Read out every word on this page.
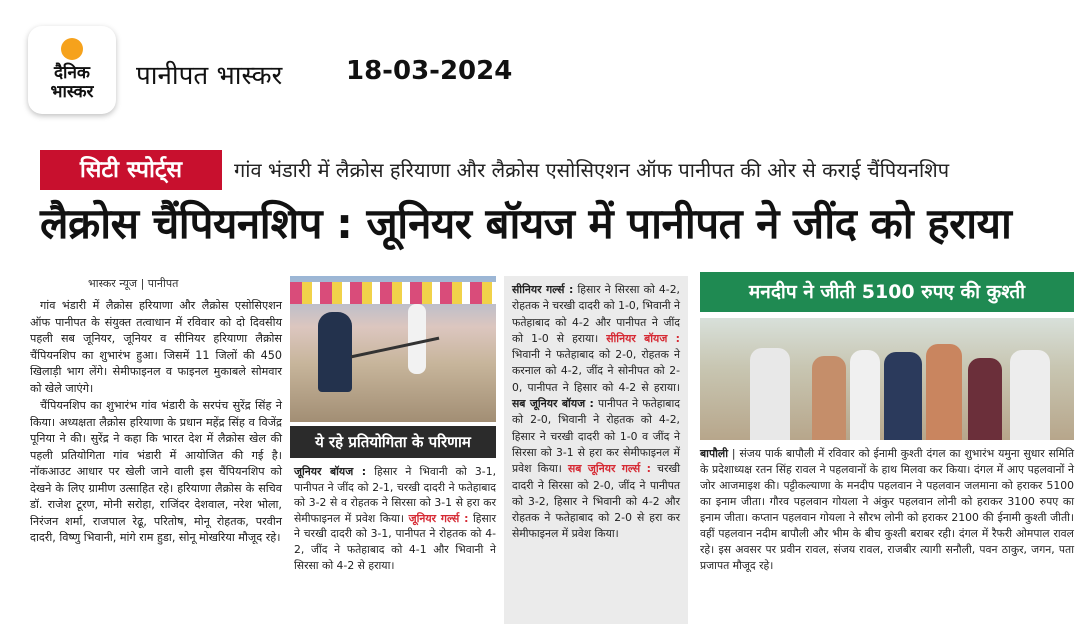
दैनिक
भास्कर
पानीपत भास्कर 18-03-2024
सिटी स्पोर्ट्स	गांव भंडारी में लैक्रोस हरियाणा और लैक्रोस एसोसिएशन ऑफ पानीपत की ओर से कराई चैंपियनशिप
लैक्रोस चैंपियनशिप : जूनियर बॉयज में पानीपत ने जींद को हराया
भास्कर न्यूज | पानीपत

गांव भंडारी में लैक्रोस हरियाणा और लैक्रोस एसोसिएशन ऑफ पानीपत के संयुक्त तत्वाधान में रविवार को दो दिवसीय पहली सब जूनियर, जूनियर व सीनियर हरियाणा लैक्रोस चैंपियनशिप का शुभारंभ हुआ। जिसमें 11 जिलों की 450 खिलाड़ी भाग लेंगे। सेमीफाइनल व फाइनल मुकाबले सोमवार को खेले जाएंगे।

चैंपियनशिप का शुभारंभ गांव भंडारी के सरपंच सुरेंद्र सिंह ने किया। अध्यक्षता लैक्रोस हरियाणा के प्रधान महेंद्र सिंह व विजेंद्र पूनिया ने की। सुरेंद्र ने कहा कि भारत देश में लैक्रोस खेल की पहली प्रतियोगिता गांव भंडारी में आयोजित की गई है। नॉकआउट आधार पर खेली जाने वाली इस चैंपियनशिप को देखने के लिए ग्रामीण उत्साहित रहे। हरियाणा लैक्रोस के सचिव डॉ. राजेश टूरण, मोनी सरोहा, राजिंदर देशवाल, नरेश भोला, निरंजन शर्मा, राजपाल रेढू, परितोष, मोनू रोहतक, परवीन दादरी, विष्णु भिवानी, मांगे राम हुडा, सोनू मोखरिया मौजूद रहे।

ये रहे प्रतियोगिता के परिणाम
जूनियर बॉयज : हिसार ने भिवानी को 3-1, पानीपत ने जींद को 2-1, चरखी दादरी ने फतेहाबाद को 3-2 से व रोहतक ने सिरसा को 3-1 से हरा कर सेमीफाइनल में प्रवेश किया। जूनियर गर्ल्स : हिसार ने चरखी दादरी को 3-1, पानीपत ने रोहतक को 4-2, जींद ने फतेहाबाद को 4-1 और भिवानी ने सिरसा को 4-2 से हराया।
सीनियर गर्ल्स : हिसार ने सिरसा को 4-2, रोहतक ने चरखी दादरी को 1-0, भिवानी ने फतेहाबाद को 4-2 और पानीपत ने जींद को 1-0 से हराया। सीनियर बॉयज : भिवानी ने फतेहाबाद को 2-0, रोहतक ने करनाल को 4-2, जींद ने सोनीपत को 2-0, पानीपत ने हिसार को 4-2 से हराया। सब जूनियर बॉयज : पानीपत ने फतेहाबाद को 2-0, भिवानी ने रोहतक को 4-2, हिसार ने चरखी दादरी को 1-0 व जींद ने सिरसा को 3-1 से हरा कर सेमीफाइनल में प्रवेश किया। सब जूनियर गर्ल्स : चरखी दादरी ने सिरसा को 2-0, जींद ने पानीपत को 3-2, हिसार ने भिवानी को 4-2 और रोहतक ने फतेहाबाद को 2-0 से हरा कर सेमीफाइनल में प्रवेश किया।
मनदीप ने जीती 5100 रुपए की कुश्ती
बापौली | संजय पार्क बापौली में रविवार को ईनामी कुश्ती दंगल का शुभारंभ यमुना सुधार समिति के प्रदेशाध्यक्ष रतन सिंह रावल ने पहलवानों के हाथ मिलवा कर किया। दंगल में आए पहलवानों ने जोर आजमाइश की। पट्टीकल्याणा के मनदीप पहलवान ने पहलवान जलमाना को हराकर 5100 का इनाम जीता। गौरव पहलवान गोयला ने अंकुर पहलवान लोनी को हराकर 3100 रुपए का इनाम जीता। कप्तान पहलवान गोयला ने सौरभ लोनी को हराकर 2100 की ईनामी कुश्ती जीती। वहीं पहलवान नदीम बापौली और भीम के बीच कुश्ती बराबर रही। दंगल में रैफरी ओमपाल रावल रहे। इस अवसर पर प्रवीन रावल, संजय रावल, राजबीर त्यागी सनौली, पवन ठाकुर, जगन, पता प्रजापत मौजूद रहे।
